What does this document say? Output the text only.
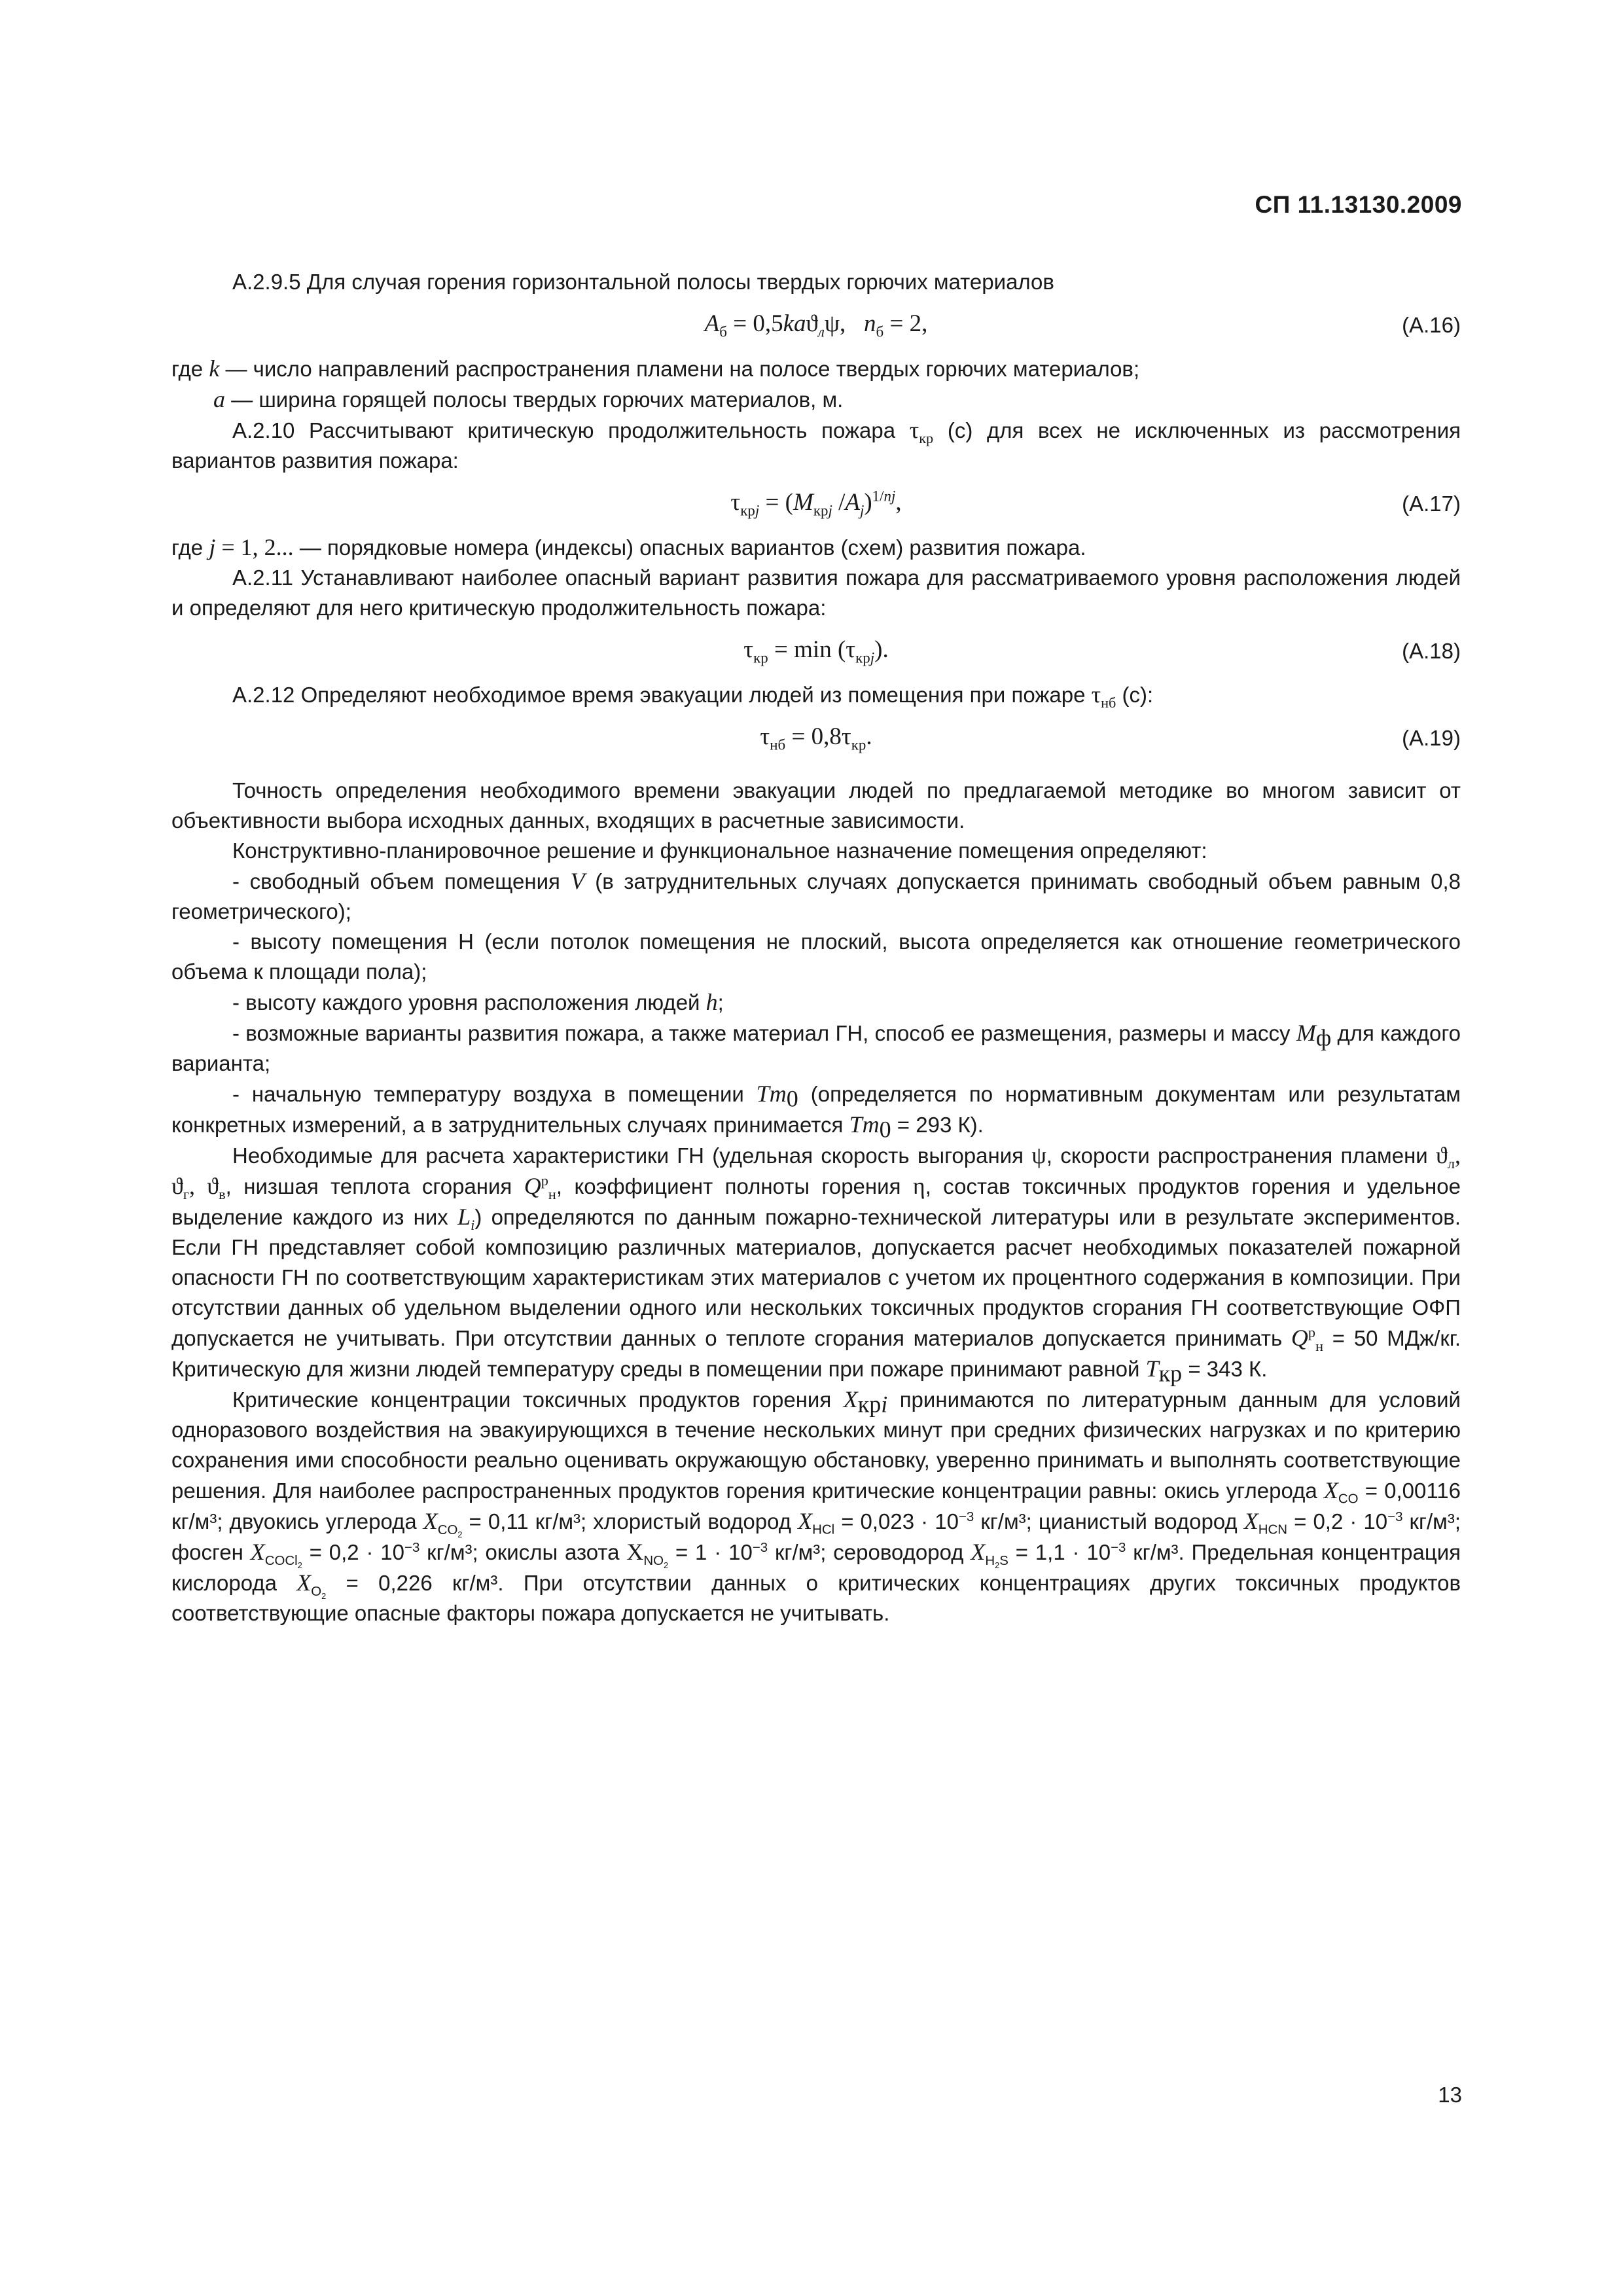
СП 11.13130.2009

А.2.9.5 Для случая горения горизонтальной полосы твердых горючих материалов

$A_б = 0,5kaϑ_л\psi$,   $n_б = 2$,	(А.16)

где k — число направлений распространения пламени на полосе твердых горючих материалов;

a — ширина горящей полосы твердых горючих материалов, м.

А.2.10 Рассчитывают критическую продолжительность пожара $\tau_{кр}$ (с) для всех не исключенных из рассмотрения вариантов развития пожара:

$\tau_{крj} = (M_{крj}$ $/A_j)^{1/nj}$,	(А.17)

где j = 1, 2... — порядковые номера (индексы) опасных вариантов (схем) развития пожара.

А.2.11 Устанавливают наиболее опасный вариант развития пожара для рассматриваемого уровня расположения людей и определяют для него критическую продолжительность пожара:

$\tau_{кр} = \min (\tau_{крj})$.	(А.18)

А.2.12 Определяют необходимое время эвакуации людей из помещения при пожаре $\tau_{нб}$ (с):

$\tau_{нб} = 0,8\tau_{кр}$.	(А.19)

Точность определения необходимого времени эвакуации людей по предлагаемой методике во многом зависит от объективности выбора исходных данных, входящих в расчетные зависимости.

Конструктивно-планировочное решение и функциональное назначение помещения определяют:

- свободный объем помещения V (в затруднительных случаях допускается принимать свободный объем равным 0,8 геометрического);

- высоту помещения H (если потолок помещения не плоский, высота определяется как отношение геометрического объема к площади пола);

- высоту каждого уровня расположения людей h;

- возможные варианты развития пожара, а также материал ГН, способ ее размещения, размеры и массу $M_ф$ для каждого варианта;

- начальную температуру воздуха в помещении $Tm_0$ (определяется по нормативным документам или результатам конкретных измерений, а в затруднительных случаях принимается $Tm_0 = 293$ К).

Необходимые для расчета характеристики ГН (удельная скорость выгорания ψ, скорости распространения пламени $ϑ_л$, $ϑ_г$, $ϑ_в$, низшая теплота сгорания $Q^р_н$, коэффициент полноты горения η, состав токсичных продуктов горения и удельное выделение каждого из них $L_i$) определяются по данным пожарно-технической литературы или в результате экспериментов. Если ГН представляет собой композицию различных материалов, допускается расчет необходимых показателей пожарной опасности ГН по соответствующим характеристикам этих материалов с учетом их процентного содержания в композиции. При отсутствии данных об удельном выделении одного или нескольких токсичных продуктов сгорания ГН соответствующие ОФП допускается не учитывать. При отсутствии данных о теплоте сгорания материалов допускается принимать $Q^р_н = 50$ МДж/кг. Критическую для жизни людей температуру среды в помещении при пожаре принимают равной $T_{кр} = 343$ К.

Критические концентрации токсичных продуктов горения $X_{крi}$ принимаются по литературным данным для условий одноразового воздействия на эвакуирующихся в течение нескольких минут при средних физических нагрузках и по критерию сохранения ими способности реально оценивать окружающую обстановку, уверенно принимать и выполнять соответствующие решения. Для наиболее распространенных продуктов горения критические концентрации равны: окись углерода $X_{CO} = 0,00116$ кг/м³; двуокись углерода $X_{CO_2} = 0,11$ кг/м³; хлористый водород $X_{HCl} = 0,023 \cdot 10^{-3}$ кг/м³; цианистый водород $X_{HCN} = 0,2 \cdot 10^{-3}$ кг/м³; фосген $X_{COCl_2} = 0,2 \cdot 10^{-3}$ кг/м³; окислы азота $X_{NO_2} = 1 \cdot 10^{-3}$ кг/м³; сероводород $X_{H_2S} = 1,1 \cdot 10^{-3}$ кг/м³. Предельная концентрация кислорода $X_{O_2} = 0,226$ кг/м³. При отсутствии данных о критических концентрациях других токсичных продуктов соответствующие опасные факторы пожара допускается не учитывать.

13
